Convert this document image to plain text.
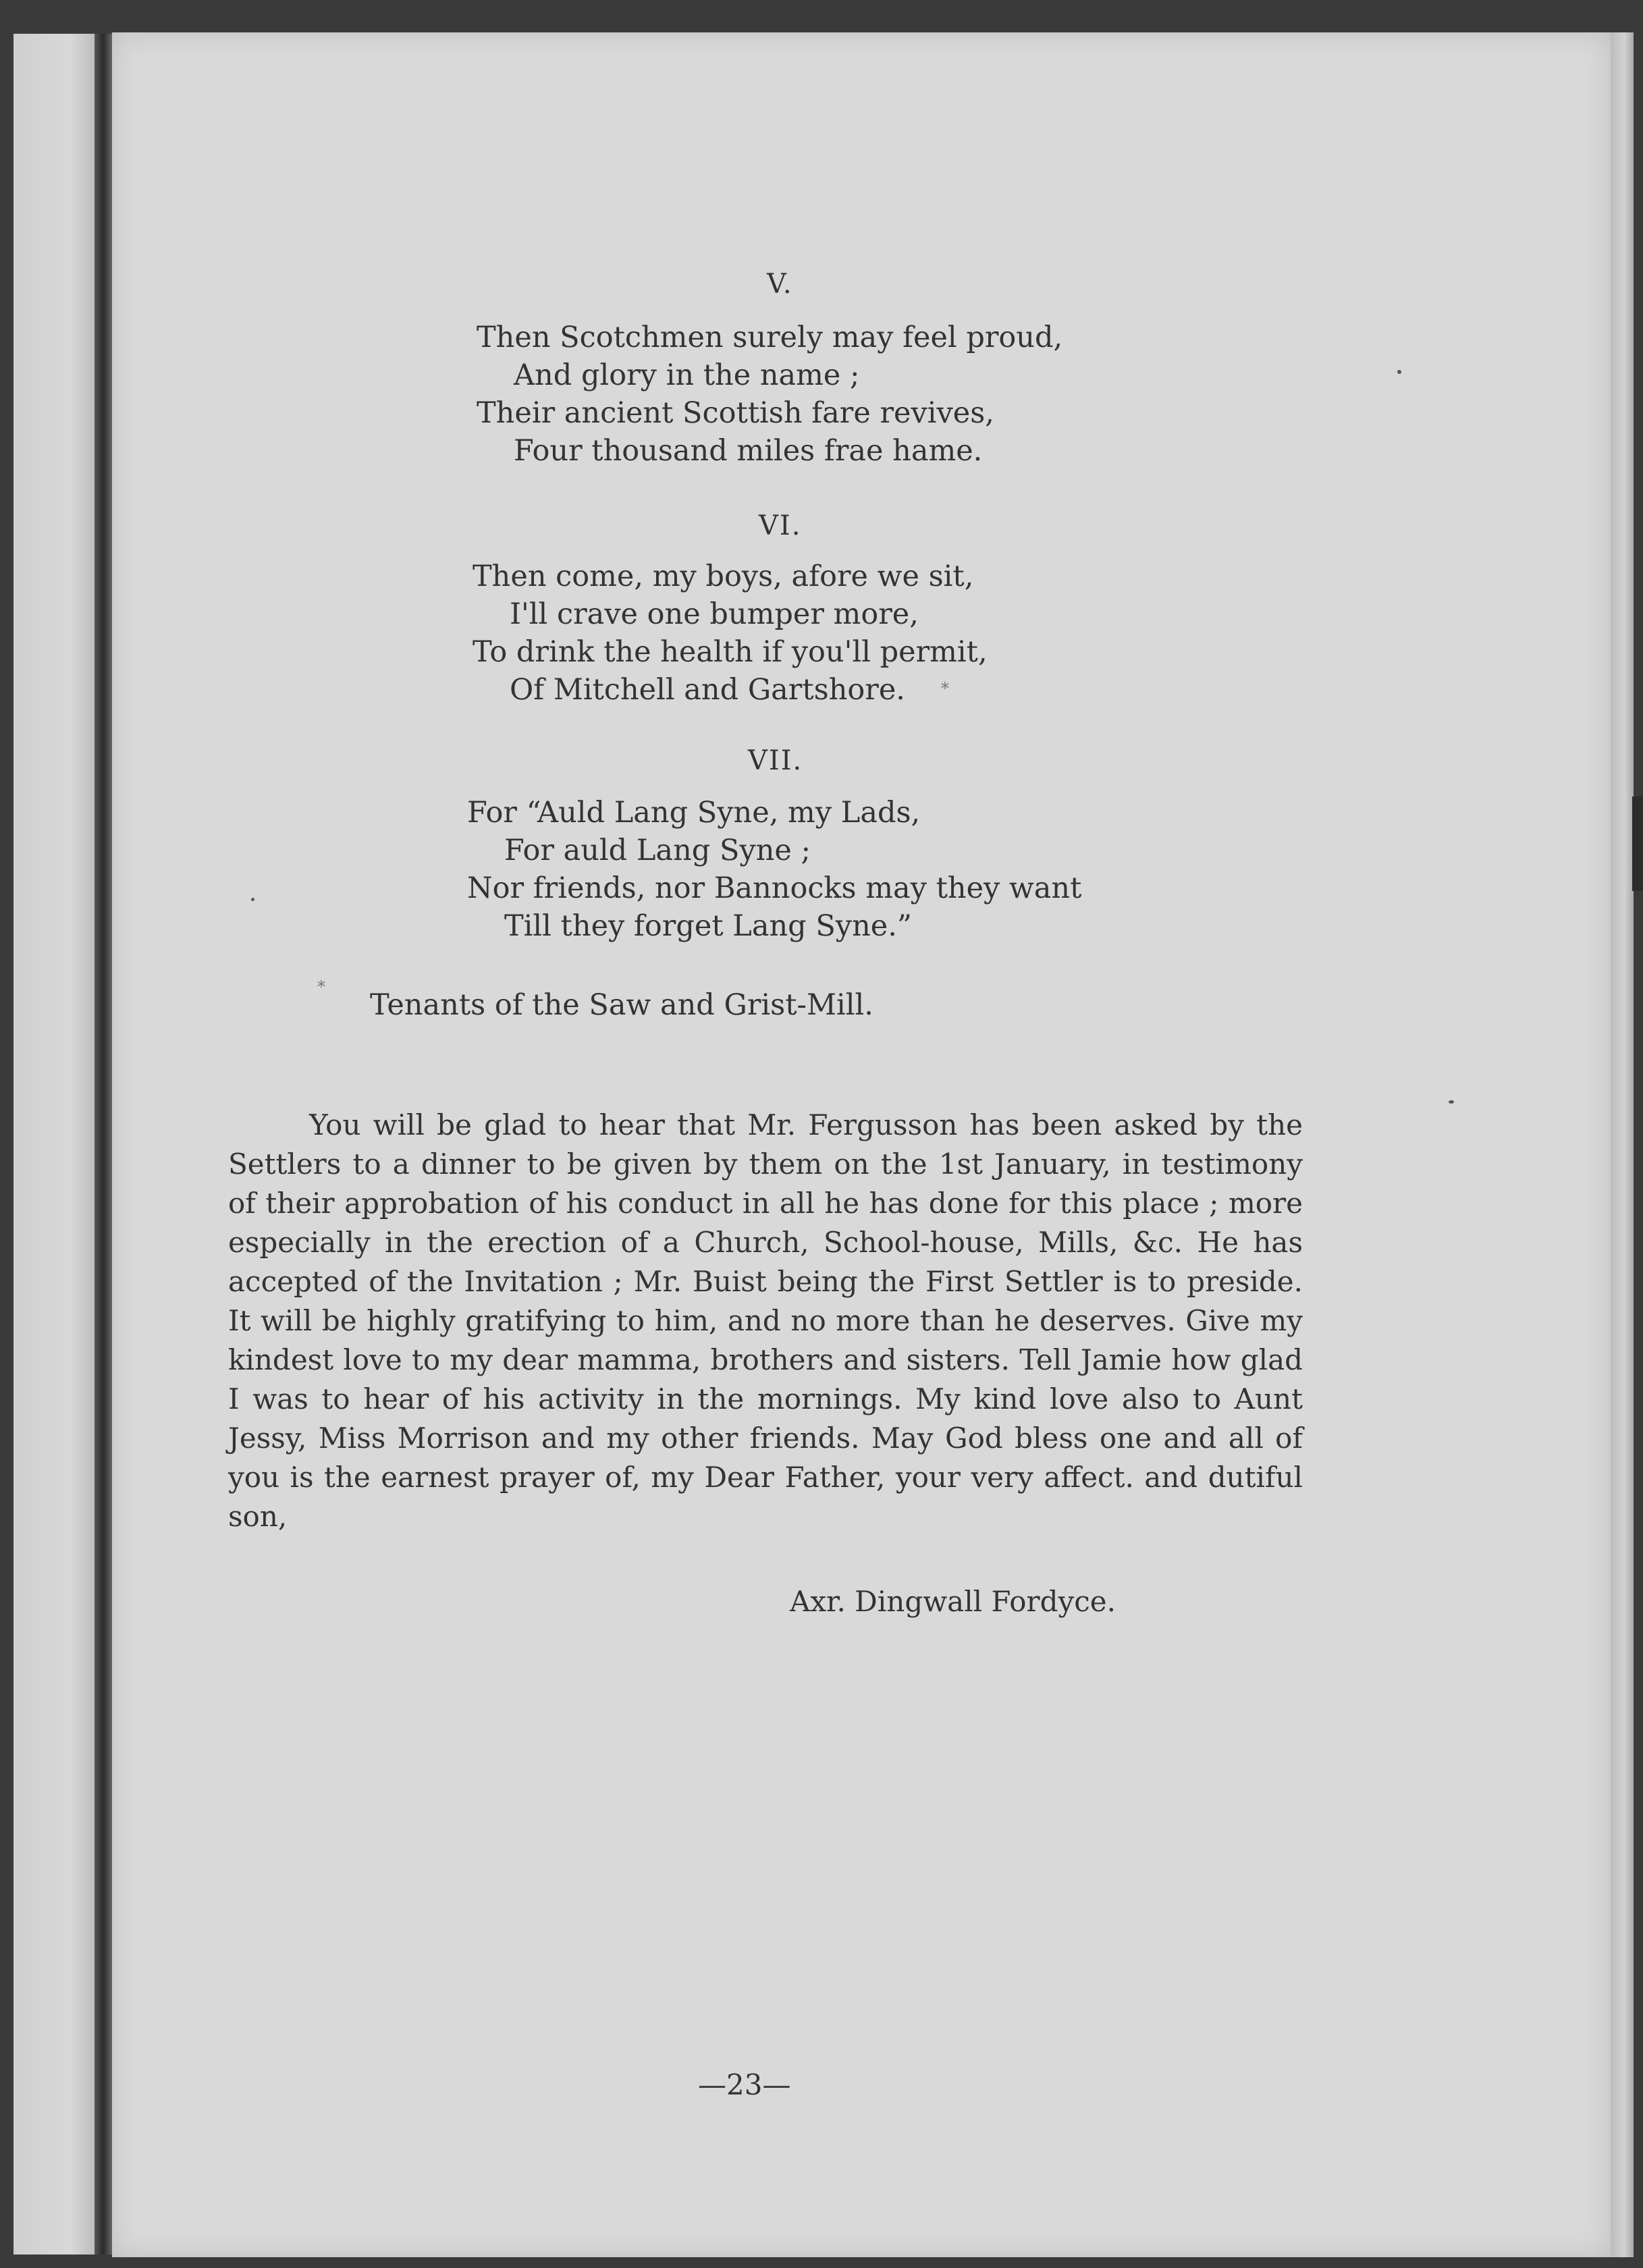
V.
Then Scotchmen surely may feel proud,
And glory in the name ;
Their ancient Scottish fare revives,
Four thousand miles frae hame.
VI.
Then come, my boys, afore we sit,
I'll crave one bumper more,
To drink the health if you'll permit,
Of Mitchell and Gartshore.	*
VII.
For “Auld Lang Syne, my Lads,
For auld Lang Syne ;
Nor friends, nor Bannocks may they want
Till they forget Lang Syne.”
*
Tenants of the Saw and Grist-Mill.
You will be glad to hear that Mr. Fergusson has been asked by the Settlers to a dinner to be given by them on the 1st January, in testimony of their approbation of his conduct in all he has done for this place ; more especially in the erection of a Church, School-house, Mills, &c. He has accepted of the Invitation ; Mr. Buist being the First Settler is to preside. It will be highly gratifying to him, and no more than he deserves. Give my kindest love to my dear mamma, brothers and sisters. Tell Jamie how glad I was to hear of his activity in the mornings. My kind love also to Aunt Jessy, Miss Morrison and my other friends. May God bless one and all of you is the earnest prayer of, my Dear Father, your very affect. and dutiful son,
Axr. Dingwall Fordyce.
—23—
